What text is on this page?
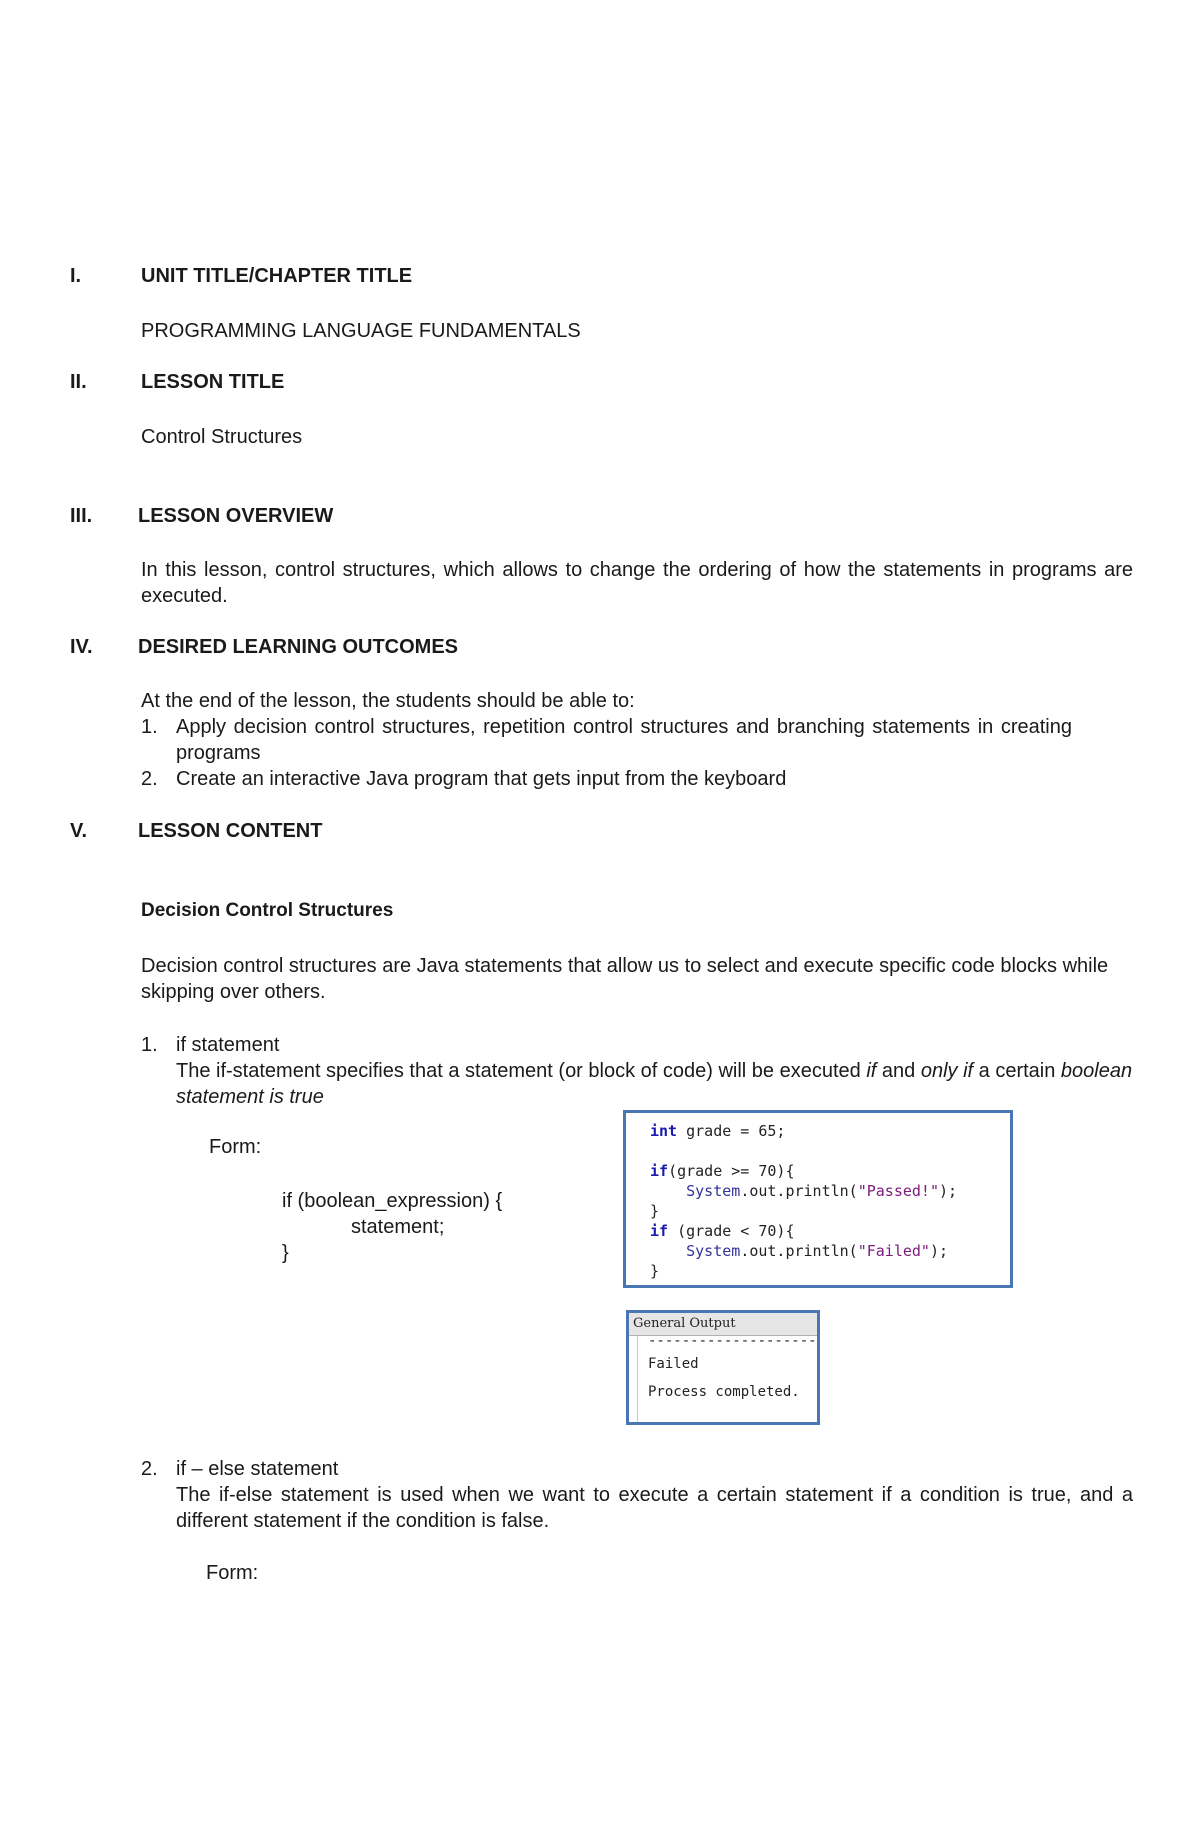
I.	UNIT TITLE/CHAPTER TITLE
PROGRAMMING LANGUAGE FUNDAMENTALS
II.	LESSON TITLE
Control Structures
III. LESSON OVERVIEW
In this lesson, control structures, which allows to change the ordering of how the statements in programs are executed.
IV. DESIRED LEARNING OUTCOMES
At the end of the lesson, the students should be able to:
1. Apply decision control structures, repetition control structures and branching statements in creating programs
2. Create an interactive Java program that gets input from the keyboard
V.	LESSON CONTENT
Decision Control Structures
Decision control structures are Java statements that allow us to select and execute specific code blocks while skipping over others.
1. if statement
The if-statement specifies that a statement (or block of code) will be executed if and only if a certain boolean statement is true
Form:
if (boolean_expression) {
statement;
}
int grade = 65;
if(grade >= 70){
System.out.println("Passed!");
}
if (grade < 70){
System.out.println("Failed");
}
General Output
--------------------
Failed
Process completed.
2. if – else statement
The if-else statement is used when we want to execute a certain statement if a condition is true, and a different statement if the condition is false.
Form:
